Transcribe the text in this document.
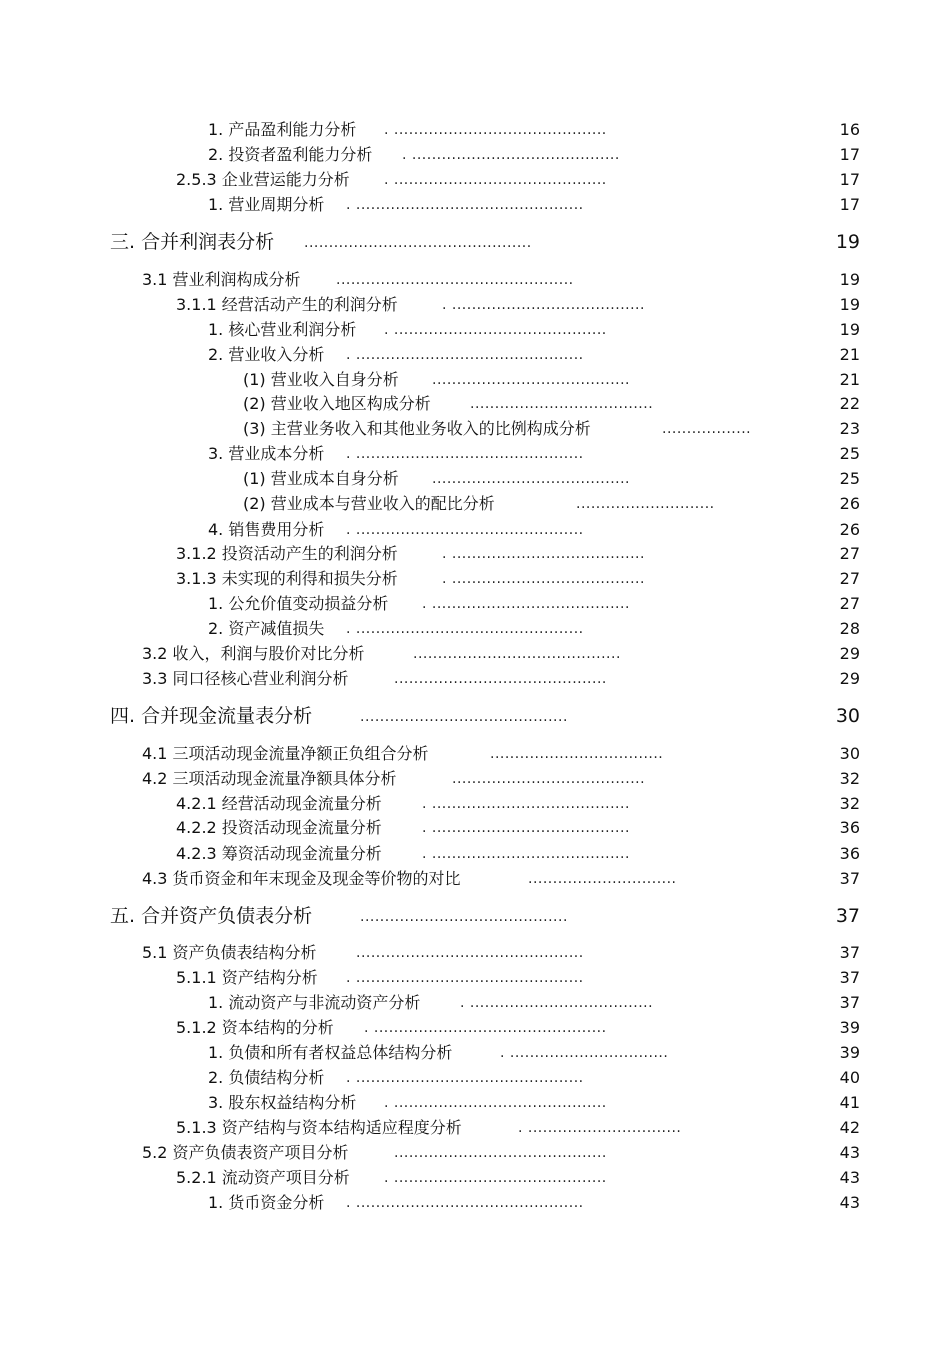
1. 产品盈利能力分析 . ...........................................	16
2. 投资者盈利能力分析 . ..........................................	17
2.5.3 企业营运能力分析 . ...........................................	17
1. 营业周期分析 . ..............................................	17
三. 合并利润表分析 ..............................................	19
3.1 营业利润构成分析	................................................	19
3.1.1 经营活动产生的利润分析	. .......................................	19
1. 核心营业利润分析 . ...........................................	19
2. 营业收入分析 . ..............................................	21
(1) 营业收入自身分析 ........................................	21
(2) 营业收入地区构成分析	.....................................	22
(3) 主营业务收入和其他业务收入的比例构成分析	..................	23
3. 营业成本分析 . ..............................................	25
(1) 营业成本自身分析 ........................................	25
(2) 营业成本与营业收入的配比分析	............................	26
4. 销售费用分析 . ..............................................	26
3.1.2 投资活动产生的利润分析	. .......................................	27
3.1.3 未实现的利得和损失分析	. .......................................	27
1. 公允价值变动损益分析 . ........................................	27
2. 资产减值损失 . ..............................................	28
3.2 收入，利润与股价对比分析	..........................................	29
3.3 同口径核心营业利润分析	...........................................	29
四. 合并现金流量表分析	..........................................	30
4.1 三项活动现金流量净额正负组合分析	...................................	30
4.2 三项活动现金流量净额具体分析	.......................................	32
4.2.1 经营活动现金流量分析	. ........................................	32
4.2.2 投资活动现金流量分析	. ........................................	36
4.2.3 筹资活动现金流量分析	. ........................................	36
4.3 货币资金和年末现金及现金等价物的对比	..............................	37
五. 合并资产负债表分析	..........................................	37
5.1 资产负债表结构分析	..............................................	37
5.1.1 资产结构分析 . ..............................................	37
1. 流动资产与非流动资产分析	. .....................................	37
5.1.2 资本结构的分析 . ...............................................	39
1. 负债和所有者权益总体结构分析	. ................................	39
2. 负债结构分析 . ..............................................	40
3. 股东权益结构分析 . ...........................................	41
5.1.3 资产结构与资本结构适应程度分析	. ...............................	42
5.2 资产负债表资产项目分析	...........................................	43
5.2.1 流动资产项目分析 . ...........................................	43
1. 货币资金分析 . ..............................................	43
